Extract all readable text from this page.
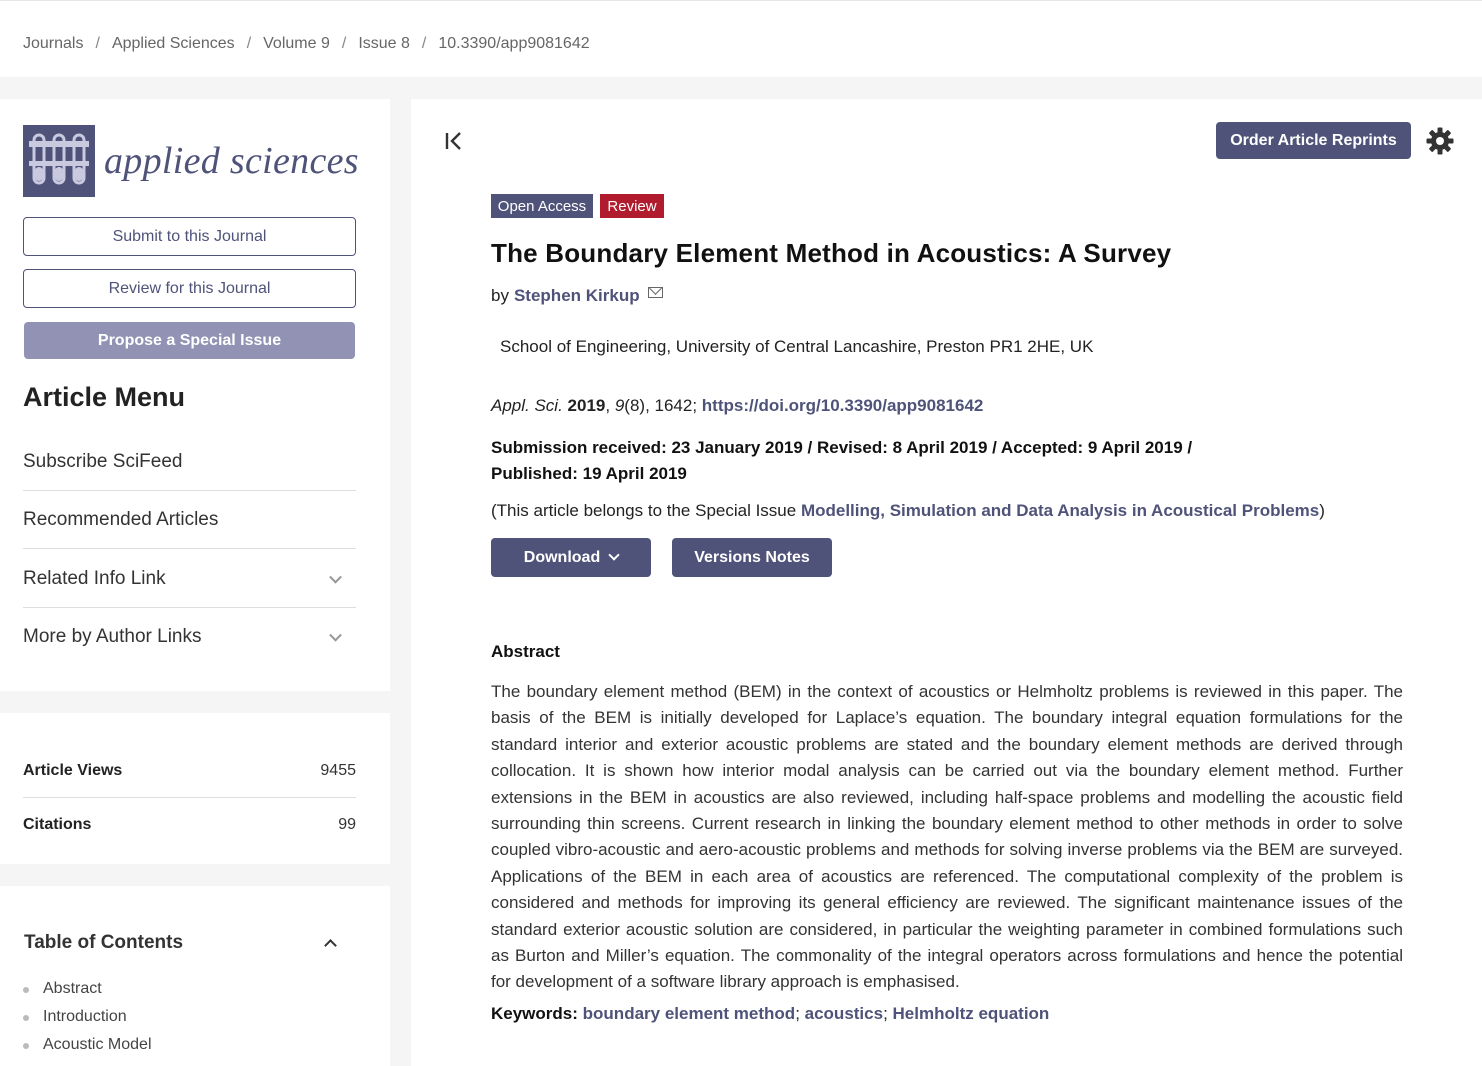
Journals / Applied Sciences / Volume 9 / Issue 8 / 10.3390/app9081642
applied sciences
Submit to this Journal
Review for this Journal
Propose a Special Issue
Article Menu
Subscribe SciFeed
Recommended Articles
Related Info Link
More by Author Links
Article Views	9455
Citations	99
Table of Contents
Abstract
Introduction
Acoustic Model
Order Article Reprints
Open Access	Review
The Boundary Element Method in Acoustics: A Survey
by Stephen Kirkup
School of Engineering, University of Central Lancashire, Preston PR1 2HE, UK
Appl. Sci. 2019, 9(8), 1642; https://doi.org/10.3390/app9081642
Submission received: 23 January 2019 / Revised: 8 April 2019 / Accepted: 9 April 2019 /
Published: 19 April 2019
(This article belongs to the Special Issue Modelling, Simulation and Data Analysis in Acoustical Problems)
Download	Versions Notes
Abstract

The boundary element method (BEM) in the context of acoustics or Helmholtz problems is reviewed in this paper. The basis of the BEM is initially developed for Laplace’s equation. The boundary integral equation formulations for the standard interior and exterior acoustic problems are stated and the boundary element methods are derived through collocation. It is shown how interior modal analysis can be carried out via the boundary element method. Further extensions in the BEM in acoustics are also reviewed, including half-space problems and modelling the acoustic field surrounding thin screens. Current research in linking the boundary element method to other methods in order to solve coupled vibro-acoustic and aero-acoustic problems and methods for solving inverse problems via the BEM are surveyed. Applications of the BEM in each area of acoustics are referenced. The computational complexity of the problem is considered and methods for improving its general efficiency are reviewed. The significant maintenance issues of the standard exterior acoustic solution are considered, in particular the weighting parameter in combined formulations such as Burton and Miller’s equation. The commonality of the integral operators across formulations and hence the potential for development of a software library approach is emphasised.

Keywords: boundary element method; acoustics; Helmholtz equation
